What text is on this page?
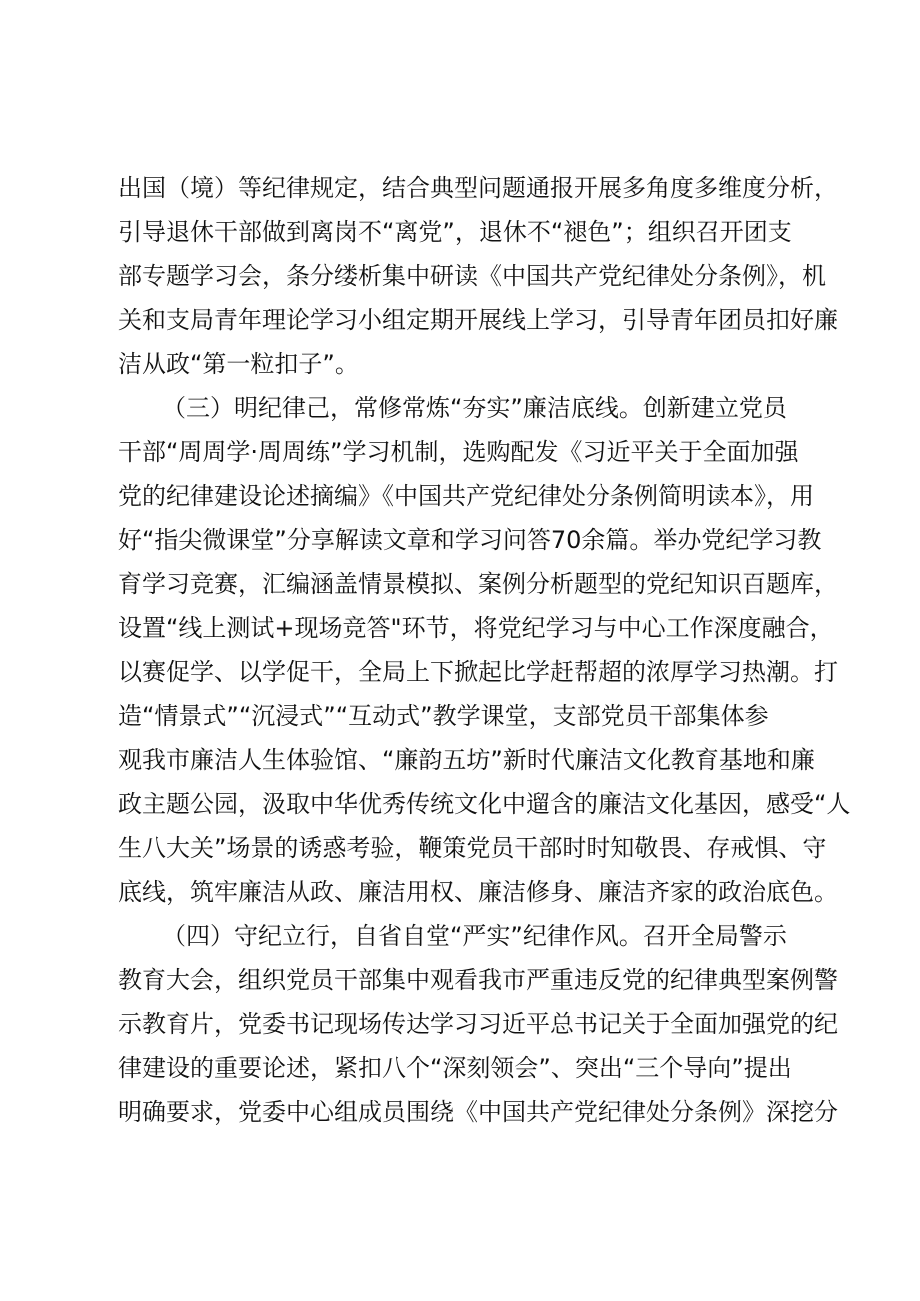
出国（境）等纪律规定，结合典型问题通报开展多角度多维度分析，
引导退休干部做到离岗不“离党”，退休不“褪色”；组织召开团支
部专题学习会，条分缕析集中研读《中国共产党纪律处分条例》，机
关和支局青年理论学习小组定期开展线上学习，引导青年团员扣好廉
洁从政“第一粒扣子”。
（三）明纪律己，常修常炼“夯实”廉洁底线。创新建立党员
干部“周周学·周周练”学习机制，选购配发《习近平关于全面加强
党的纪律建设论述摘编》《中国共产党纪律处分条例简明读本》，用
好“指尖微课堂”分享解读文章和学习问答70余篇。举办党纪学习教
育学习竞赛，汇编涵盖情景模拟、案例分析题型的党纪知识百题库，
设置“线上测试+现场竞答"环节，将党纪学习与中心工作深度融合，
以赛促学、以学促干，全局上下掀起比学赶帮超的浓厚学习热潮。打
造“情景式”“沉浸式”“互动式”教学课堂，支部党员干部集体参
观我市廉洁人生体验馆、“廉韵五坊”新时代廉洁文化教育基地和廉
政主题公园，汲取中华优秀传统文化中遛含的廉洁文化基因，感受“人
生八大关”场景的诱惑考验，鞭策党员干部时时知敬畏、存戒惧、守
底线，筑牢廉洁从政、廉洁用权、廉洁修身、廉洁齐家的政治底色。
（四）守纪立行，自省自堂“严实”纪律作风。召开全局警示
教育大会，组织党员干部集中观看我市严重违反党的纪律典型案例警
示教育片，党委书记现场传达学习习近平总书记关于全面加强党的纪
律建设的重要论述，紧扣八个“深刻领会”、突出“三个导向”提出
明确要求，党委中心组成员围绕《中国共产党纪律处分条例》深挖分
